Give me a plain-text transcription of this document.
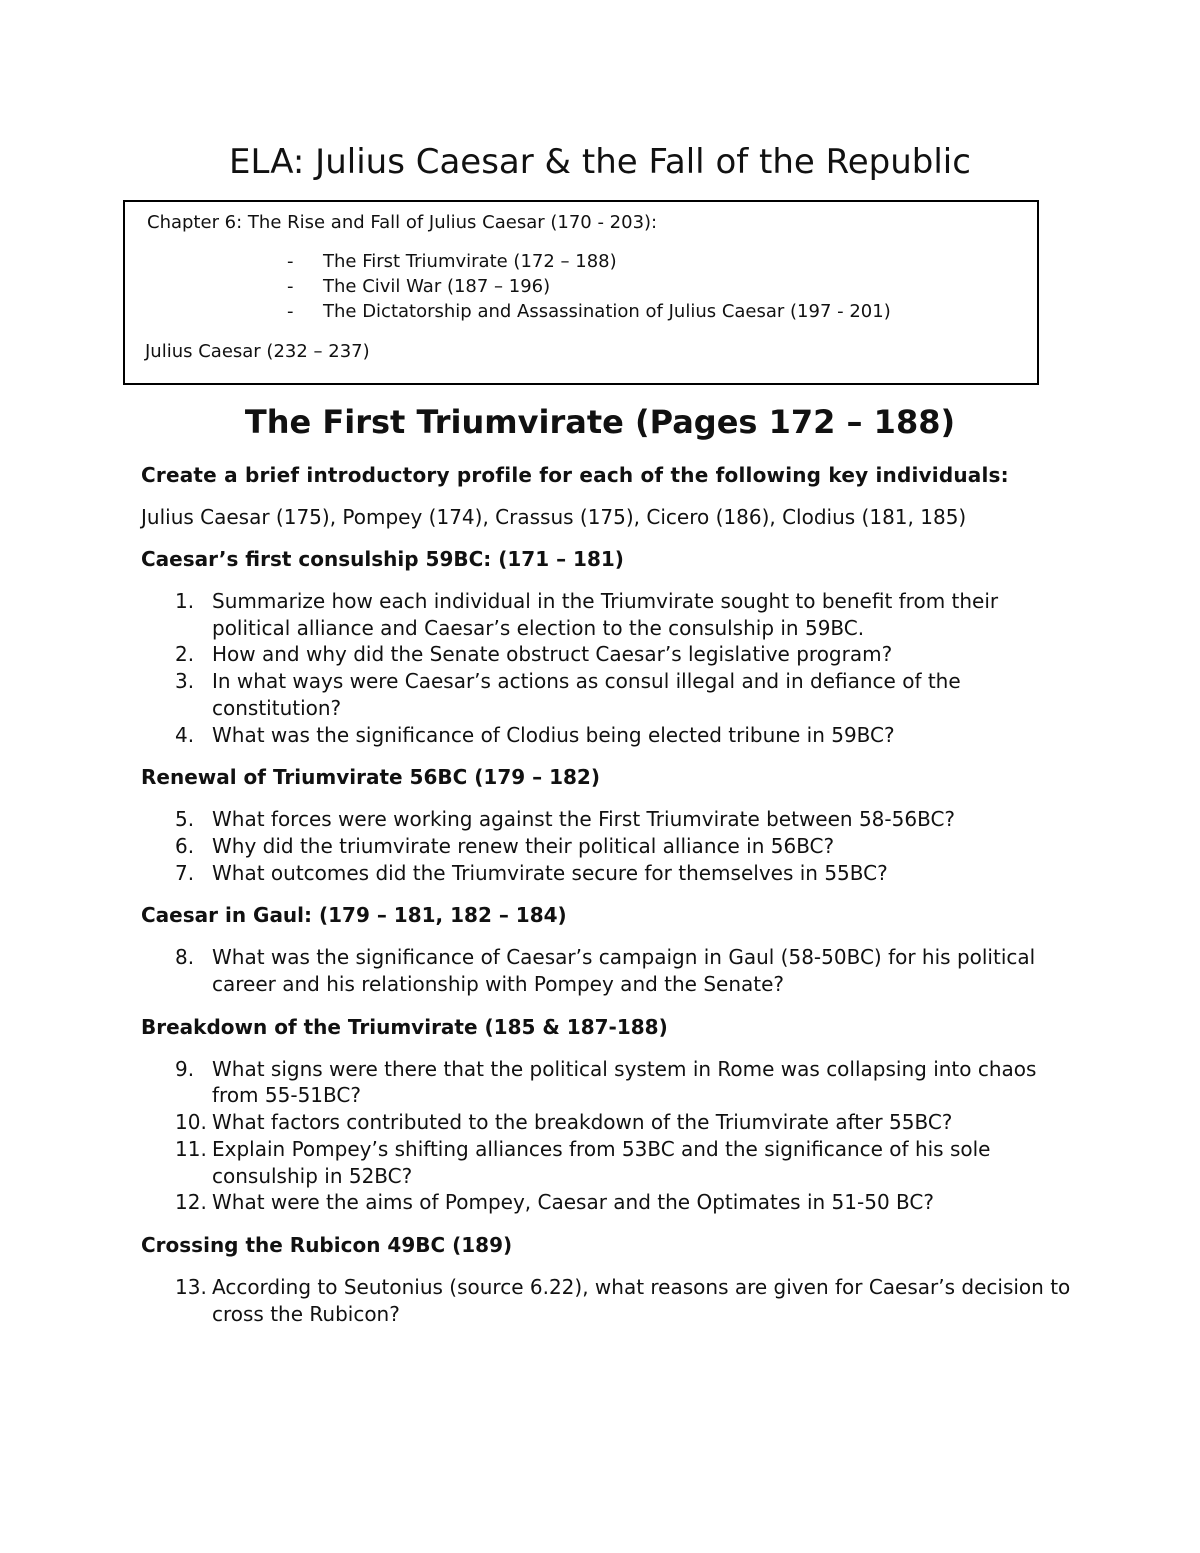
ELA: Julius Caesar & the Fall of the Republic
Chapter 6: The Rise and Fall of Julius Caesar (170 - 203):
- The First Triumvirate (172 – 188)
- The Civil War (187 – 196)
- The Dictatorship and Assassination of Julius Caesar (197 - 201)
Julius Caesar (232 – 237)
The First Triumvirate (Pages 172 – 188)

Create a brief introductory profile for each of the following key individuals:

Julius Caesar (175), Pompey (174), Crassus (175), Cicero (186), Clodius (181, 185)

Caesar’s first consulship 59BC: (171 – 181)

1. Summarize how each individual in the Triumvirate sought to benefit from their political alliance and Caesar’s election to the consulship in 59BC.
2. How and why did the Senate obstruct Caesar’s legislative program?
3. In what ways were Caesar’s actions as consul illegal and in defiance of the constitution?
4. What was the significance of Clodius being elected tribune in 59BC?

Renewal of Triumvirate 56BC (179 – 182)

5. What forces were working against the First Triumvirate between 58-56BC?
6. Why did the triumvirate renew their political alliance in 56BC?
7. What outcomes did the Triumvirate secure for themselves in 55BC?

Caesar in Gaul: (179 – 181, 182 – 184)

8. What was the significance of Caesar’s campaign in Gaul (58-50BC) for his political career and his relationship with Pompey and the Senate?

Breakdown of the Triumvirate (185 & 187-188)

9. What signs were there that the political system in Rome was collapsing into chaos from 55-51BC?
10. What factors contributed to the breakdown of the Triumvirate after 55BC?
11. Explain Pompey’s shifting alliances from 53BC and the significance of his sole consulship in 52BC?
12. What were the aims of Pompey, Caesar and the Optimates in 51-50 BC?

Crossing the Rubicon 49BC (189)

13. According to Seutonius (source 6.22), what reasons are given for Caesar’s decision to cross the Rubicon?
